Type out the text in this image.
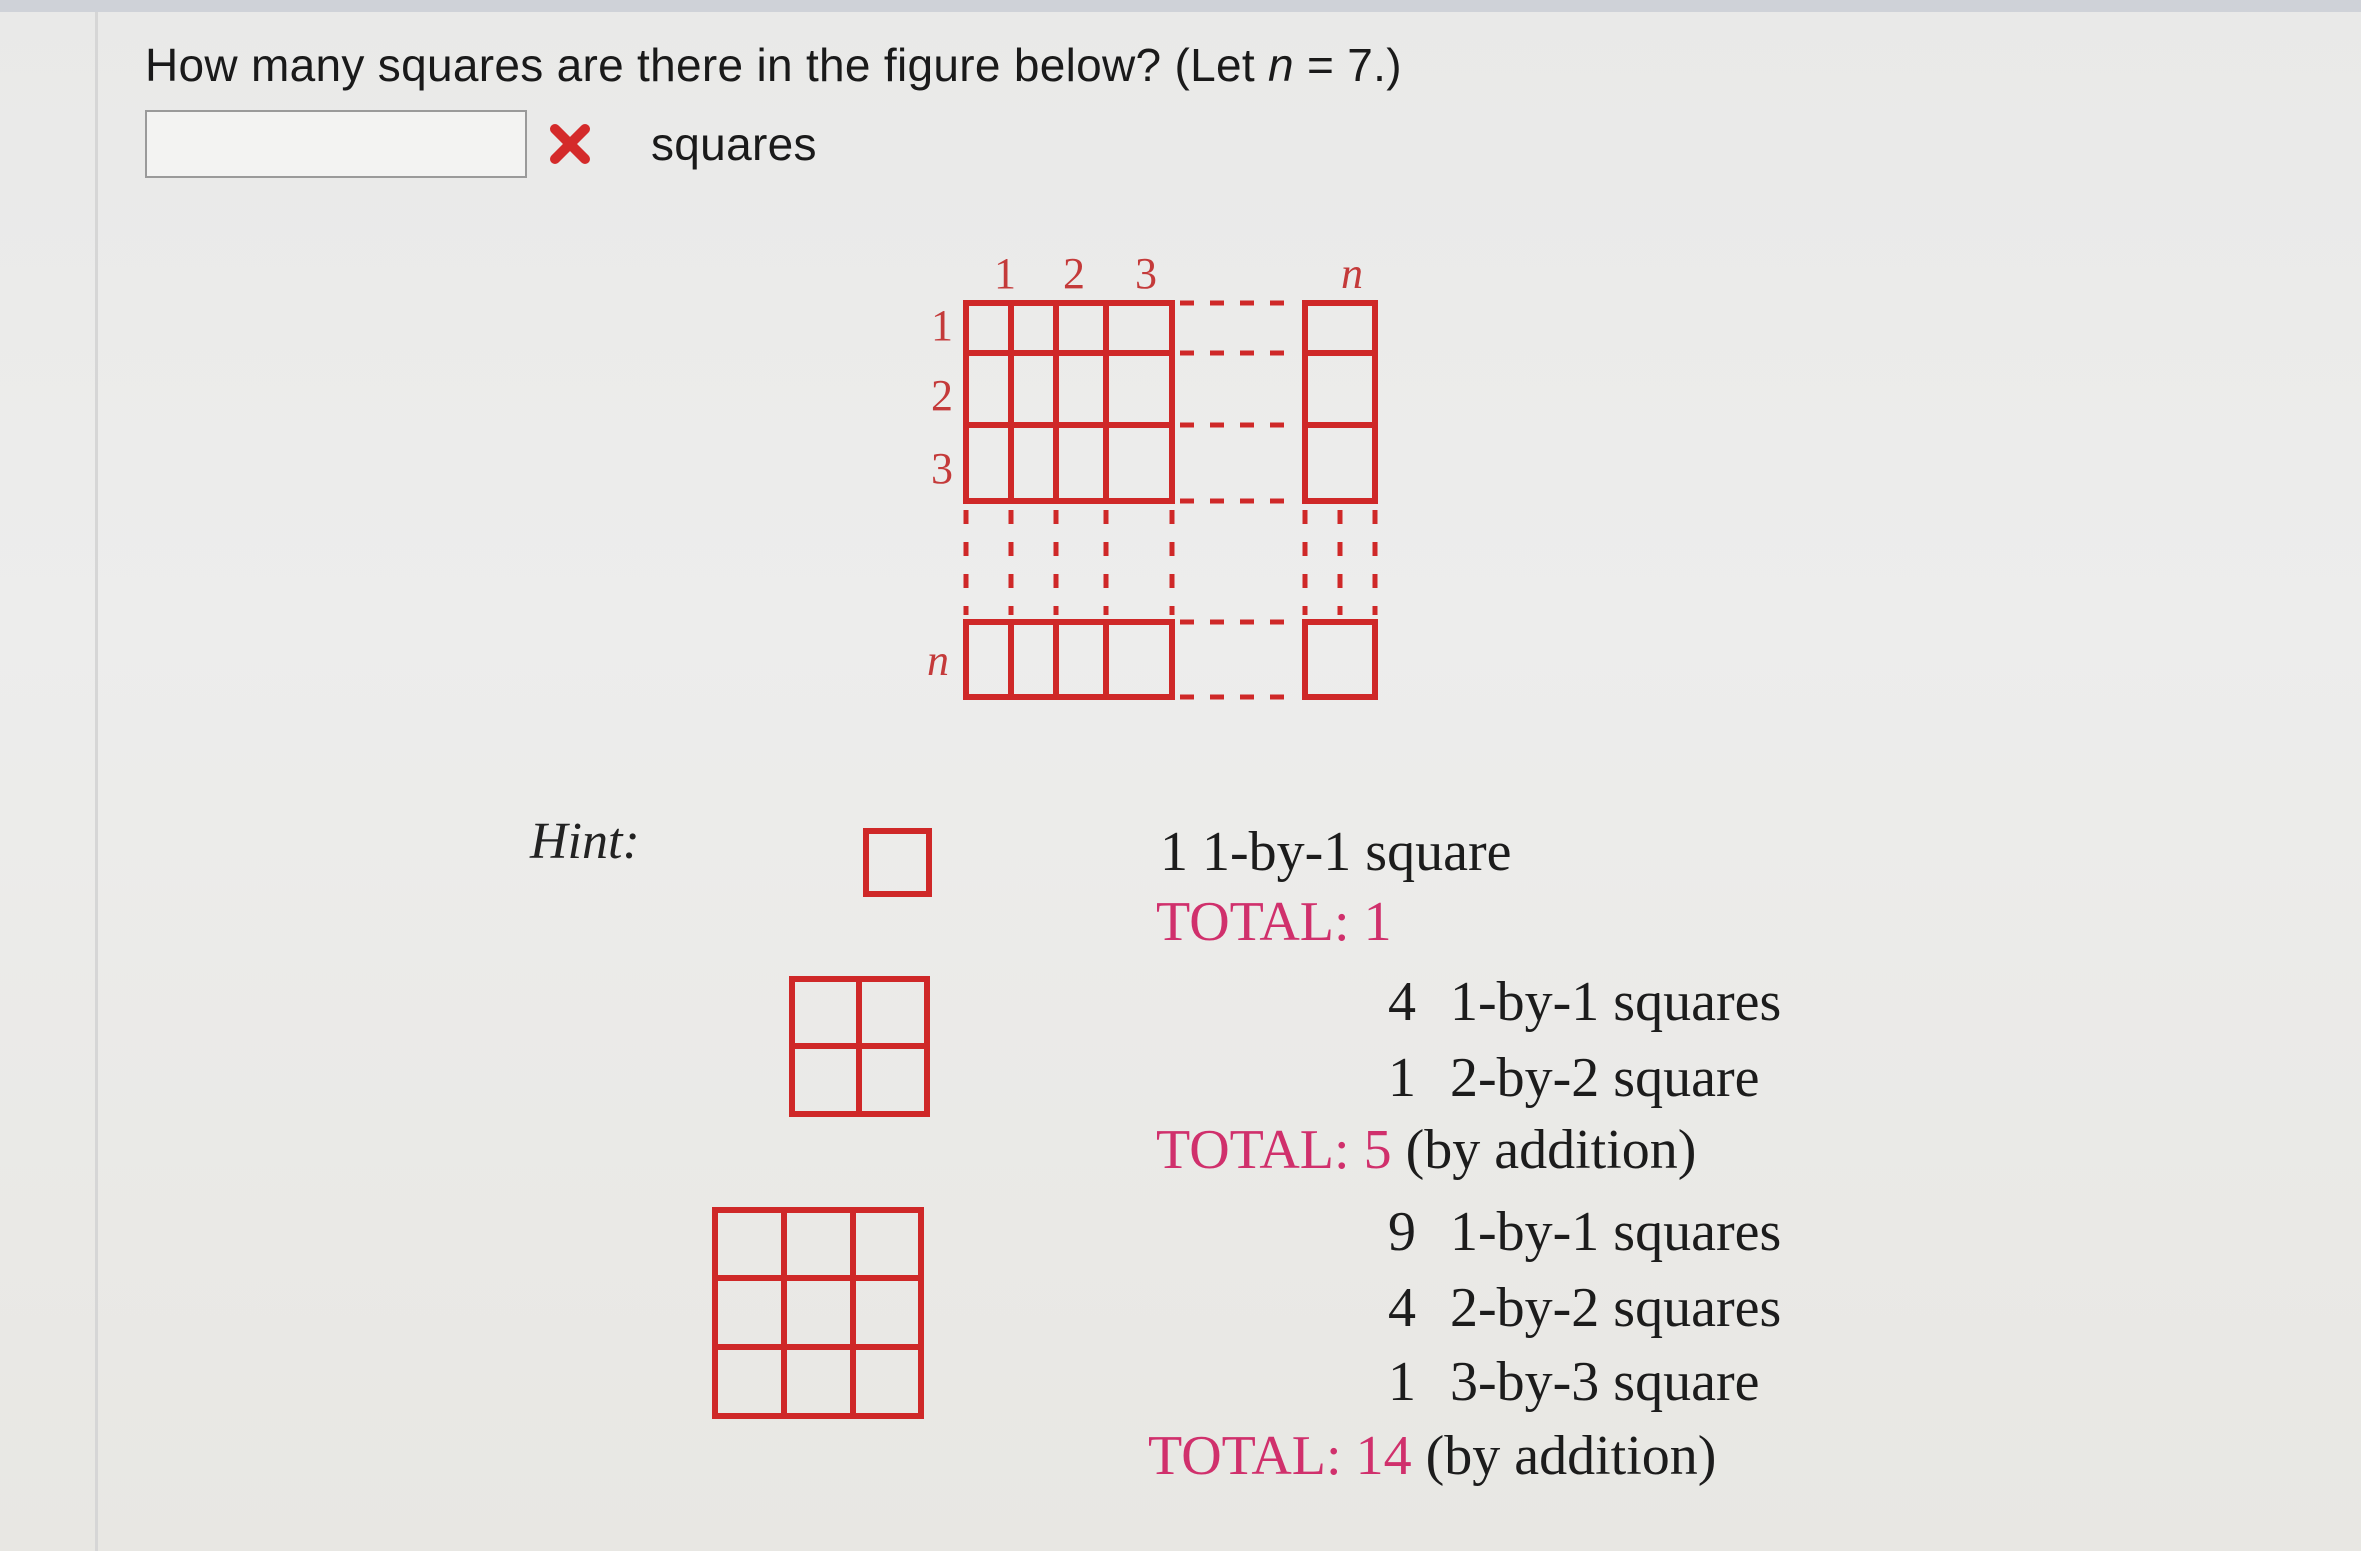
How many squares are there in the figure below? (Let n = 7.)
squares
1 2 3	n
1
2
3
n
Hint:	1 1-by-1 square
TOTAL: 1
4 1-by-1 squares
1 2-by-2 square
TOTAL: 5 (by addition)
9 1-by-1 squares
4 2-by-2 squares
1 3-by-3 square
TOTAL: 14 (by addition)
